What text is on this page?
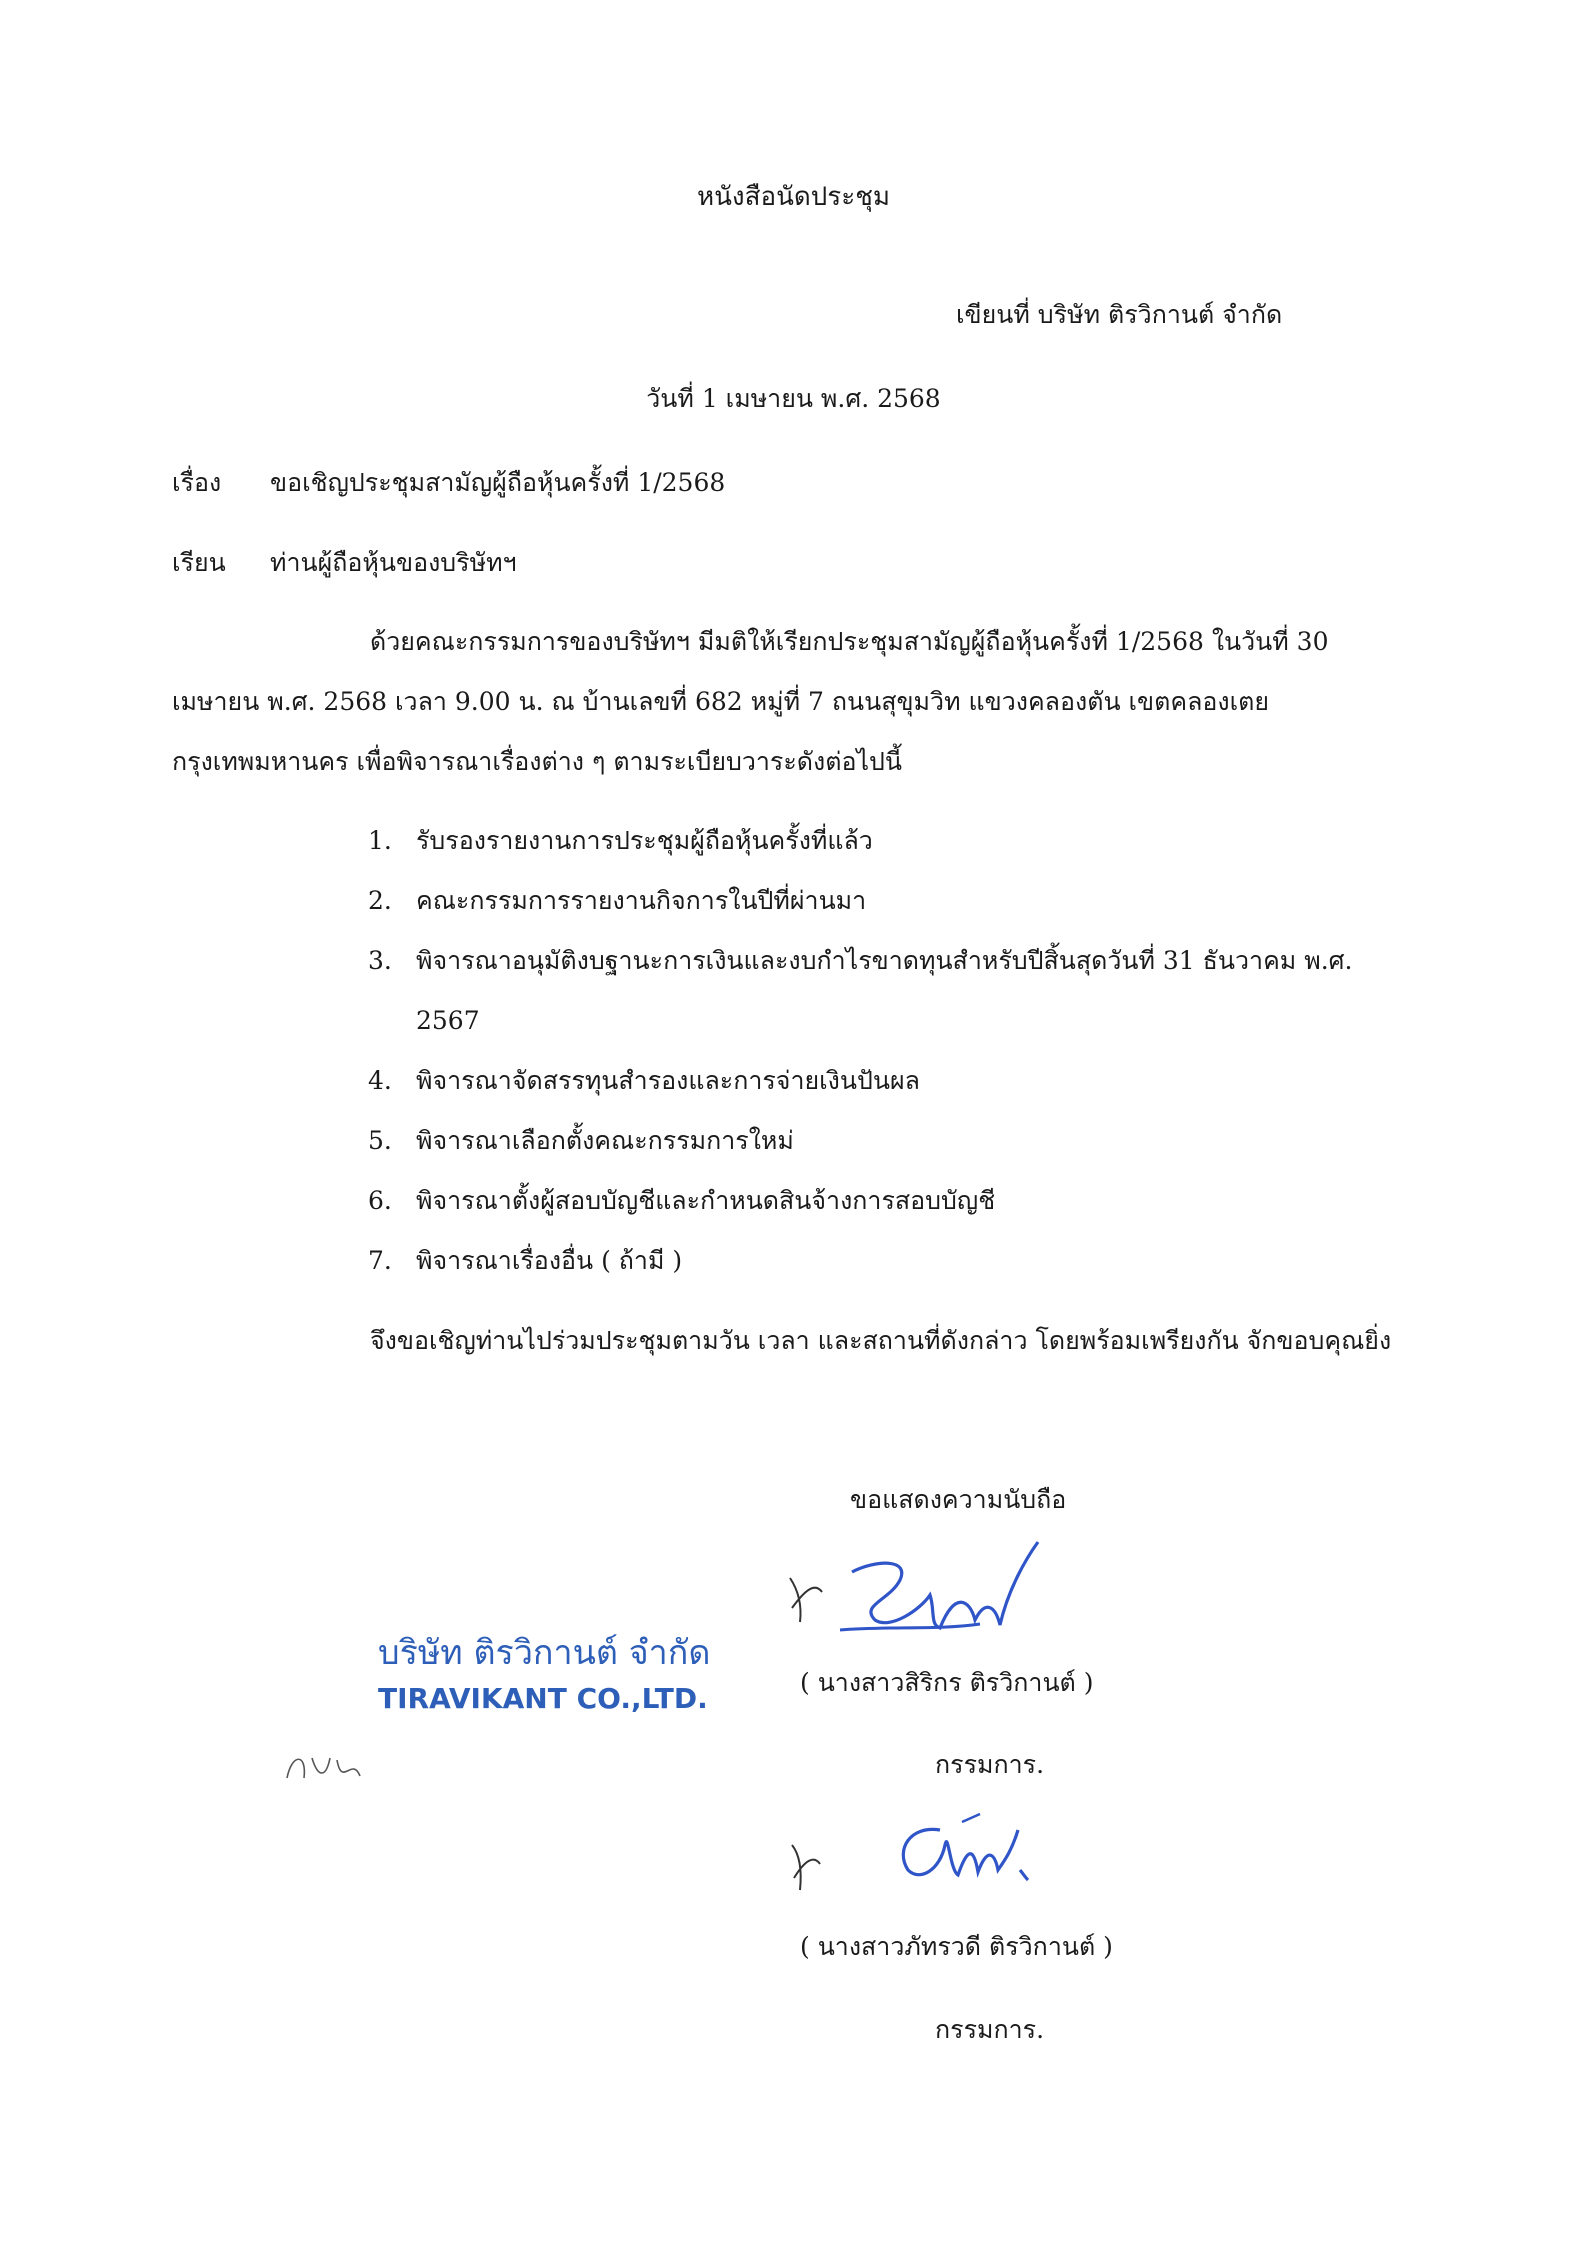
หนังสือนัดประชุม
เขียนที่ บริษัท ติรวิกานต์ จำกัด
วันที่ 1 เมษายน พ.ศ. 2568
เรื่อง ขอเชิญประชุมสามัญผู้ถือหุ้นครั้งที่ 1/2568
เรียน ท่านผู้ถือหุ้นของบริษัทฯ
ด้วยคณะกรรมการของบริษัทฯ มีมติให้เรียกประชุมสามัญผู้ถือหุ้นครั้งที่ 1/2568 ในวันที่ 30
เมษายน พ.ศ. 2568 เวลา 9.00 น. ณ บ้านเลขที่ 682 หมู่ที่ 7 ถนนสุขุมวิท แขวงคลองตัน เขตคลองเตย
กรุงเทพมหานคร เพื่อพิจารณาเรื่องต่าง ๆ ตามระเบียบวาระดังต่อไปนี้
1. รับรองรายงานการประชุมผู้ถือหุ้นครั้งที่แล้ว
2. คณะกรรมการรายงานกิจการในปีที่ผ่านมา
3. พิจารณาอนุมัติงบฐานะการเงินและงบกำไรขาดทุนสำหรับปีสิ้นสุดวันที่ 31 ธันวาคม พ.ศ.
2567
4. พิจารณาจัดสรรทุนสำรองและการจ่ายเงินปันผล
5. พิจารณาเลือกตั้งคณะกรรมการใหม่
6. พิจารณาตั้งผู้สอบบัญชีและกำหนดสินจ้างการสอบบัญชี
7. พิจารณาเรื่องอื่น ( ถ้ามี )
จึงขอเชิญท่านไปร่วมประชุมตามวัน เวลา และสถานที่ดังกล่าว โดยพร้อมเพรียงกัน จักขอบคุณยิ่ง
ขอแสดงความนับถือ
บริษัท ติรวิกานต์ จำกัด
TIRAVIKANT CO.,LTD.	( นางสาวสิริกร ติรวิกานต์ )
กรรมการ.
( นางสาวภัทรวดี ติรวิกานต์ )
กรรมการ.
